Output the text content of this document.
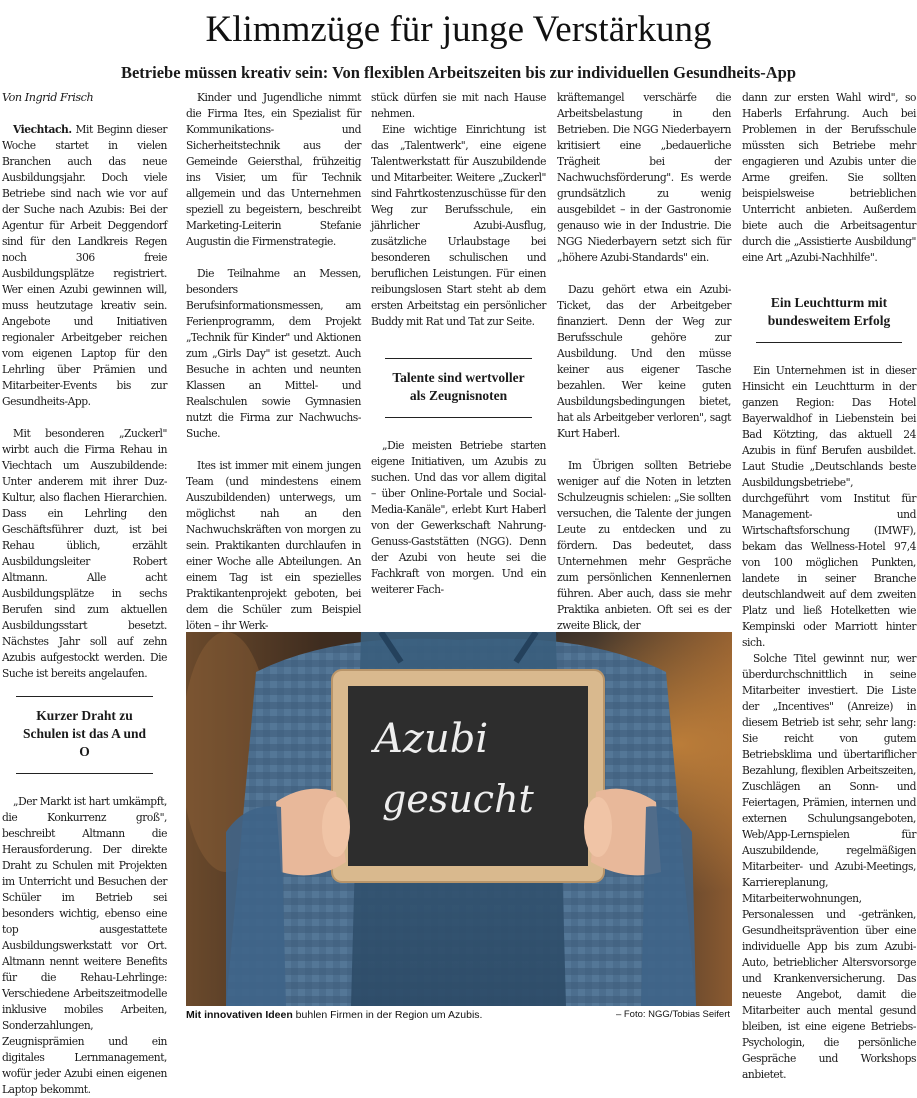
Klimmzüge für junge Verstärkung
Betriebe müssen kreativ sein: Von flexiblen Arbeitszeiten bis zur individuellen Gesundheits-App

Von Ingrid Frisch

Viechtach. Mit Beginn dieser Woche startet in vielen Branchen auch das neue Ausbildungsjahr. Doch viele Betriebe sind nach wie vor auf der Suche nach Azubis: Bei der Agentur für Arbeit Deggendorf sind für den Landkreis Regen noch 306 freie Ausbildungsplätze registriert. Wer einen Azubi gewinnen will, muss heutzutage kreativ sein. Angebote und Initiativen regionaler Arbeitgeber reichen vom eigenen Laptop für den Lehrling über Prämien und Mitarbeiter-Events bis zur Gesundheits-App.

Mit besonderen „Zuckerl" wirbt auch die Firma Rehau in Viechtach um Auszubildende: Unter anderem mit ihrer Duz-Kultur, also flachen Hierarchien. Dass ein Lehrling den Geschäftsführer duzt, ist bei Rehau üblich, erzählt Ausbildungsleiter Robert Altmann. Alle acht Ausbildungsplätze in sechs Berufen sind zum aktuellen Ausbildungsstart besetzt. Nächstes Jahr soll auf zehn Azubis aufgestockt werden. Die Suche ist bereits angelaufen.

Kurzer Draht zu Schulen ist das A und O

„Der Markt ist hart umkämpft, die Konkurrenz groß", beschreibt Altmann die Herausforderung. Der direkte Draht zu Schulen mit Projekten im Unterricht und Besuchen der Schüler im Betrieb sei besonders wichtig, ebenso eine top ausgestattete Ausbildungswerkstatt vor Ort. Altmann nennt weitere Benefits für die Rehau-Lehrlinge: Verschiedene Arbeitszeitmodelle inklusive mobiles Arbeiten, Sonderzahlungen, Zeugnisprämien und ein digitales Lernmanagement, wofür jeder Azubi einen eigenen Laptop bekommt.

Kinder und Jugendliche nimmt die Firma Ites, ein Spezialist für Kommunikations- und Sicherheitstechnik aus der Gemeinde Geiersthal, frühzeitig ins Visier, um für Technik allgemein und das Unternehmen speziell zu begeistern, beschreibt Marketing-Leiterin Stefanie Augustin die Firmenstrategie.

Die Teilnahme an Messen, besonders Berufsinformationsmessen, am Ferienprogramm, dem Projekt „Technik für Kinder" und Aktionen zum „Girls Day" ist gesetzt. Auch Besuche in achten und neunten Klassen an Mittel- und Realschulen sowie Gymnasien nutzt die Firma zur Nachwuchs-Suche.

Ites ist immer mit einem jungen Team (und mindestens einem Auszubildenden) unterwegs, um möglichst nah an den Nachwuchskräften von morgen zu sein. Praktikanten durchlaufen in einer Woche alle Abteilungen. An einem Tag ist ein spezielles Praktikantenprojekt geboten, bei dem die Schüler zum Beispiel löten – ihr Werk-

stück dürfen sie mit nach Hause nehmen.

Eine wichtige Einrichtung ist das „Talentwerk", eine eigene Talentwerkstatt für Auszubildende und Mitarbeiter. Weitere „Zuckerl" sind Fahrtkostenzuschüsse für den Weg zur Berufsschule, ein jährlicher Azubi-Ausflug, zusätzliche Urlaubstage bei besonderen schulischen und beruflichen Leistungen. Für einen reibungslosen Start steht ab dem ersten Arbeitstag ein persönlicher Buddy mit Rat und Tat zur Seite.

Talente sind wertvoller als Zeugnisnoten

„Die meisten Betriebe starten eigene Initiativen, um Azubis zu suchen. Und das vor allem digital – über Online-Portale und Social-Media-Kanäle", erlebt Kurt Haberl von der Gewerkschaft Nahrung-Genuss-Gaststätten (NGG). Denn der Azubi von heute sei die Fachkraft von morgen. Und ein weiterer Fach-

kräftemangel verschärfe die Arbeitsbelastung in den Betrieben. Die NGG Niederbayern kritisiert eine „bedauerliche Trägheit bei der Nachwuchsförderung". Es werde grundsätzlich zu wenig ausgebildet – in der Gastronomie genauso wie in der Industrie. Die NGG Niederbayern setzt sich für „höhere Azubi-Standards" ein.

Dazu gehört etwa ein Azubi-Ticket, das der Arbeitgeber finanziert. Denn der Weg zur Berufsschule gehöre zur Ausbildung. Und den müsse keiner aus eigener Tasche bezahlen. Wer keine guten Ausbildungsbedingungen bietet, hat als Arbeitgeber verloren", sagt Kurt Haberl.

Im Übrigen sollten Betriebe weniger auf die Noten in letzten Schulzeugnis schielen: „Sie sollten versuchen, die Talente der jungen Leute zu entdecken und zu fördern. Das bedeutet, dass Unternehmen mehr Gespräche zum persönlichen Kennenlernen führen. Aber auch, dass sie mehr Praktika anbieten. Oft sei es der zweite Blick, der

dann zur ersten Wahl wird", so Haberls Erfahrung. Auch bei Problemen in der Berufsschule müssten sich Betriebe mehr engagieren und Azubis unter die Arme greifen. Sie sollten beispielsweise betrieblichen Unterricht anbieten. Außerdem biete auch die Arbeitsagentur durch die „Assistierte Ausbildung" eine Art „Azubi-Nachhilfe".

Ein Leuchtturm mit bundesweitem Erfolg

Ein Unternehmen ist in dieser Hinsicht ein Leuchtturm in der ganzen Region: Das Hotel Bayerwaldhof in Liebenstein bei Bad Kötzting, das aktuell 24 Azubis in fünf Berufen ausbildet. Laut Studie „Deutschlands beste Ausbildungsbetriebe", durchgeführt vom Institut für Management- und Wirtschaftsforschung (IMWF), bekam das Wellness-Hotel 97,4 von 100 möglichen Punkten, landete in seiner Branche deutschlandweit auf dem zweiten Platz und ließ Hotelketten wie Kempinski oder Marriott hinter sich.

Solche Titel gewinnt nur, wer überdurchschnittlich in seine Mitarbeiter investiert. Die Liste der „Incentives" (Anreize) in diesem Betrieb ist sehr, sehr lang: Sie reicht von gutem Betriebsklima und übertariflicher Bezahlung, flexiblen Arbeitszeiten, Zuschlägen an Sonn- und Feiertagen, Prämien, internen und externen Schulungsangeboten, Web/App-Lernspielen für Auszubildende, regelmäßigen Mitarbeiter- und Azubi-Meetings, Karriereplanung, Mitarbeiterwohnungen, Personalessen und -getränken, Gesundheitsprävention über eine individuelle App bis zum Azubi-Auto, betrieblicher Altersvorsorge und Krankenversicherung. Das neueste Angebot, damit die Mitarbeiter auch mental gesund bleiben, ist eine eigene Betriebs-Psychologin, die persönliche Gespräche und Workshops anbietet.

Azubi
gesucht
Mit innovativen Ideen buhlen Firmen in der Region um Azubis.	– Foto: NGG/Tobias Seifert
